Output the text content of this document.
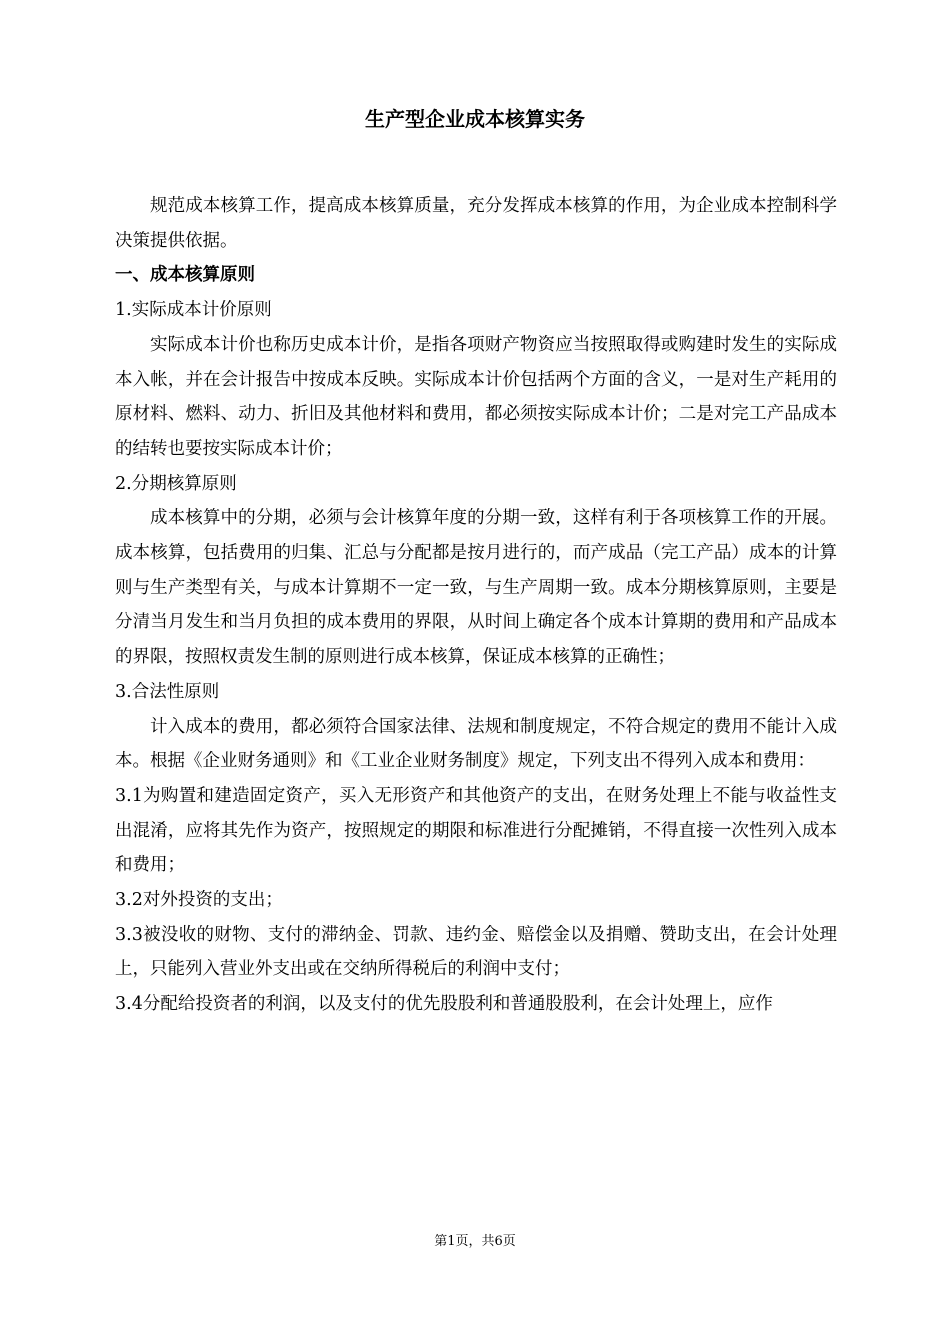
生产型企业成本核算实务

规范成本核算工作，提高成本核算质量，充分发挥成本核算的作用，为企业成本控制科学决策提供依据。

一、成本核算原则

1.实际成本计价原则

实际成本计价也称历史成本计价，是指各项财产物资应当按照取得或购建时发生的实际成本入帐，并在会计报告中按成本反映。实际成本计价包括两个方面的含义，一是对生产耗用的原材料、燃料、动力、折旧及其他材料和费用，都必须按实际成本计价；二是对完工产品成本的结转也要按实际成本计价；

2.分期核算原则

成本核算中的分期，必须与会计核算年度的分期一致，这样有利于各项核算工作的开展。成本核算，包括费用的归集、汇总与分配都是按月进行的，而产成品（完工产品）成本的计算则与生产类型有关，与成本计算期不一定一致，与生产周期一致。成本分期核算原则，主要是分清当月发生和当月负担的成本费用的界限，从时间上确定各个成本计算期的费用和产品成本的界限，按照权责发生制的原则进行成本核算，保证成本核算的正确性；

3.合法性原则

计入成本的费用，都必须符合国家法律、法规和制度规定，不符合规定的费用不能计入成本。根据《企业财务通则》和《工业企业财务制度》规定，下列支出不得列入成本和费用：

3.1为购置和建造固定资产，买入无形资产和其他资产的支出，在财务处理上不能与收益性支出混淆，应将其先作为资产，按照规定的期限和标准进行分配摊销，不得直接一次性列入成本和费用；

3.2对外投资的支出；

3.3被没收的财物、支付的滞纳金、罚款、违约金、赔偿金以及捐赠、赞助支出，在会计处理上，只能列入营业外支出或在交纳所得税后的利润中支付；

3.4分配给投资者的利润，以及支付的优先股股利和普通股股利，在会计处理上，应作

第1页，共6页
